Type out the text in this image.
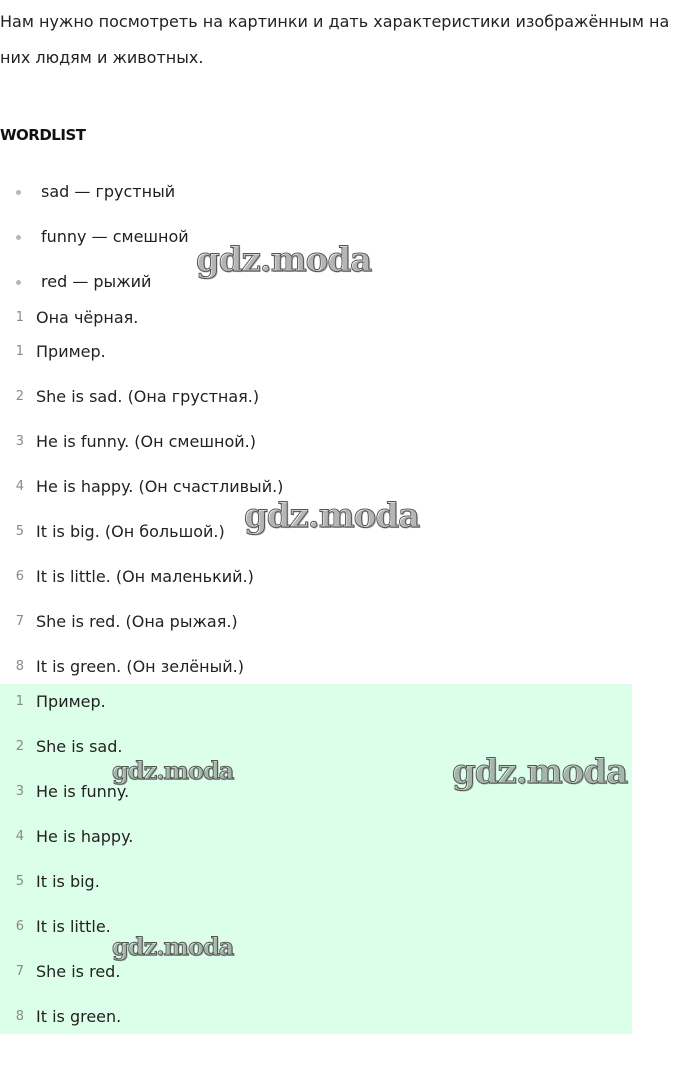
Нам нужно посмотреть на картинки и дать характеристики изображённым на них людям и животных.
WORDLIST
sad — грустный
funny — смешной
red — рыжий
1 Она чёрная.
1 Пример.
2 She is sad. (Она грустная.)
3 He is funny. (Он смешной.)
4 He is happy. (Он счастливый.)
5 It is big. (Он большой.)
6 It is little. (Он маленький.)
7 She is red. (Она рыжая.)
8 It is green. (Он зелёный.)
1 Пример.
2 She is sad.
3 He is funny.
4 He is happy.
5 It is big.
6 It is little.
7 She is red.
8 It is green.
gdz.moda
gdz.moda
gdz.moda	gdz.moda
gdz.moda
